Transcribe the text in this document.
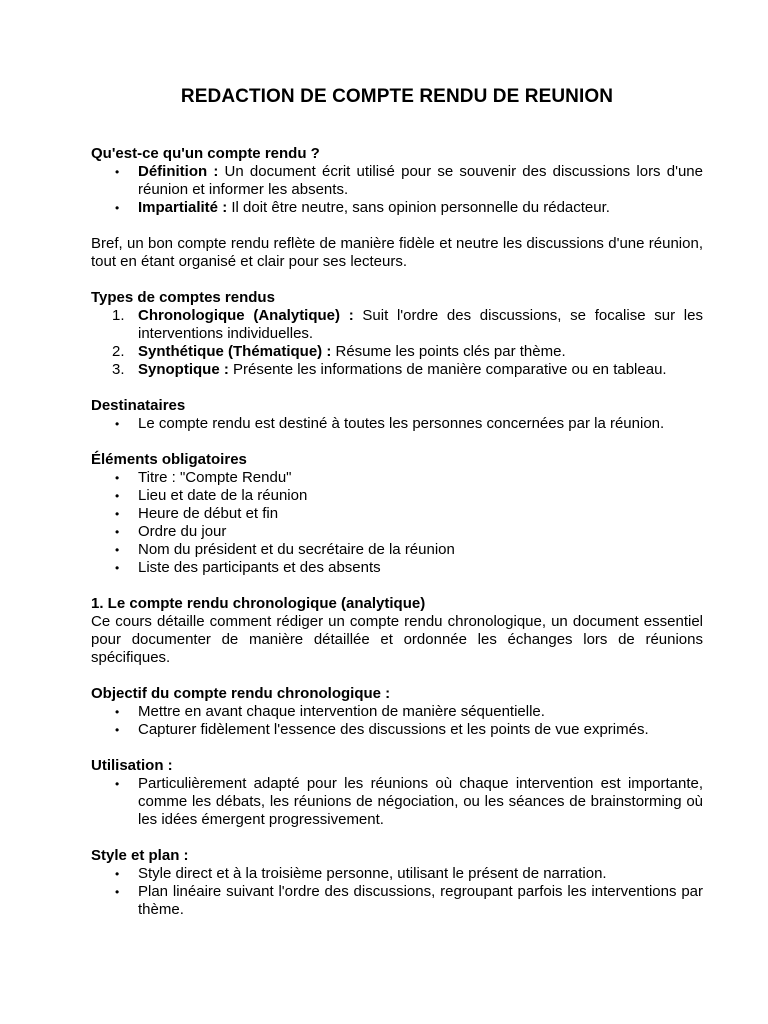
REDACTION DE COMPTE RENDU DE REUNION

Qu'est-ce qu'un compte rendu ?

• Définition : Un document écrit utilisé pour se souvenir des discussions lors d'une réunion et informer les absents.
• Impartialité : Il doit être neutre, sans opinion personnelle du rédacteur.

Bref, un bon compte rendu reflète de manière fidèle et neutre les discussions d'une réunion, tout en étant organisé et clair pour ses lecteurs.

Types de comptes rendus

1. Chronologique (Analytique) : Suit l'ordre des discussions, se focalise sur les interventions individuelles.
2. Synthétique (Thématique) : Résume les points clés par thème.
3. Synoptique : Présente les informations de manière comparative ou en tableau.

Destinataires

• Le compte rendu est destiné à toutes les personnes concernées par la réunion.

Éléments obligatoires

• Titre : "Compte Rendu"
• Lieu et date de la réunion
• Heure de début et fin
• Ordre du jour
• Nom du président et du secrétaire de la réunion
• Liste des participants et des absents

1. Le compte rendu chronologique (analytique)

Ce cours détaille comment rédiger un compte rendu chronologique, un document essentiel pour documenter de manière détaillée et ordonnée les échanges lors de réunions spécifiques.

Objectif du compte rendu chronologique :

• Mettre en avant chaque intervention de manière séquentielle.
• Capturer fidèlement l'essence des discussions et les points de vue exprimés.

Utilisation :

• Particulièrement adapté pour les réunions où chaque intervention est importante, comme les débats, les réunions de négociation, ou les séances de brainstorming où les idées émergent progressivement.

Style et plan :

• Style direct et à la troisième personne, utilisant le présent de narration.
• Plan linéaire suivant l'ordre des discussions, regroupant parfois les interventions par thème.
